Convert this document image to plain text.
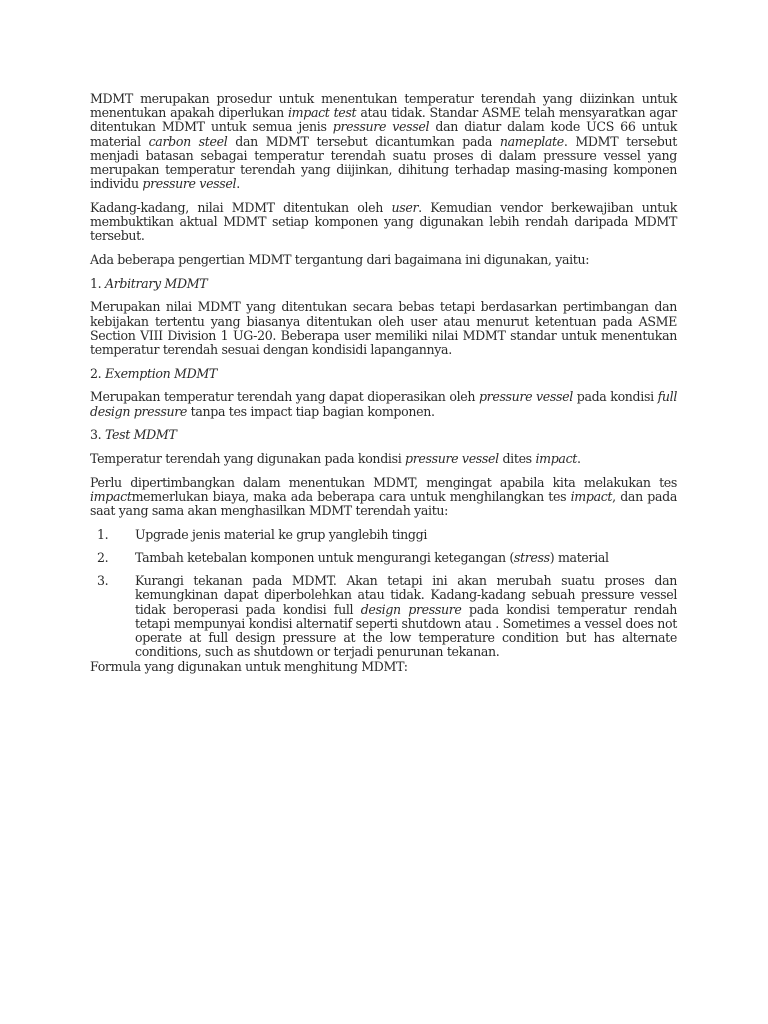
MDMT merupakan prosedur untuk menentukan temperatur terendah yang diizinkan untuk menentukan apakah diperlukan impact test atau tidak. Standar ASME telah mensyaratkan agar ditentukan MDMT untuk semua jenis pressure vessel dan diatur dalam kode UCS 66 untuk material carbon steel dan MDMT tersebut dicantumkan pada nameplate. MDMT tersebut menjadi batasan sebagai temperatur terendah suatu proses di dalam pressure vessel yang merupakan temperatur terendah yang diijinkan, dihitung terhadap masing-masing komponen individu pressure vessel.

Kadang-kadang, nilai MDMT ditentukan oleh user. Kemudian vendor berkewajiban untuk membuktikan aktual MDMT setiap komponen yang digunakan lebih rendah daripada MDMT tersebut.

Ada beberapa pengertian MDMT tergantung dari bagaimana ini digunakan, yaitu:

1. Arbitrary MDMT

Merupakan nilai MDMT yang ditentukan secara bebas tetapi berdasarkan pertimbangan dan kebijakan tertentu yang biasanya ditentukan oleh user atau menurut ketentuan pada ASME Section VIII Division 1 UG-20. Beberapa user memiliki nilai MDMT standar untuk menentukan temperatur terendah sesuai dengan kondisidi lapangannya.

2. Exemption MDMT

Merupakan temperatur terendah yang dapat dioperasikan oleh pressure vessel pada kondisi full design pressure tanpa tes impact tiap bagian komponen.

3. Test MDMT

Temperatur terendah yang digunakan pada kondisi pressure vessel dites impact.

Perlu dipertimbangkan dalam menentukan MDMT, mengingat apabila kita melakukan tes impactmemerlukan biaya, maka ada beberapa cara untuk menghilangkan tes impact, dan pada saat yang sama akan menghasilkan MDMT terendah yaitu:

1. Upgrade jenis material ke grup yanglebih tinggi
2. Tambah ketebalan komponen untuk mengurangi ketegangan (stress) material
3. Kurangi tekanan pada MDMT. Akan tetapi ini akan merubah suatu proses dan kemungkinan dapat diperbolehkan atau tidak. Kadang-kadang sebuah pressure vessel tidak beroperasi pada kondisi full design pressure pada kondisi temperatur rendah tetapi mempunyai kondisi alternatif seperti shutdown atau . Sometimes a vessel does not operate at full design pressure at the low temperature condition but has alternate conditions, such as shutdown or terjadi penurunan tekanan.

Formula yang digunakan untuk menghitung MDMT:
